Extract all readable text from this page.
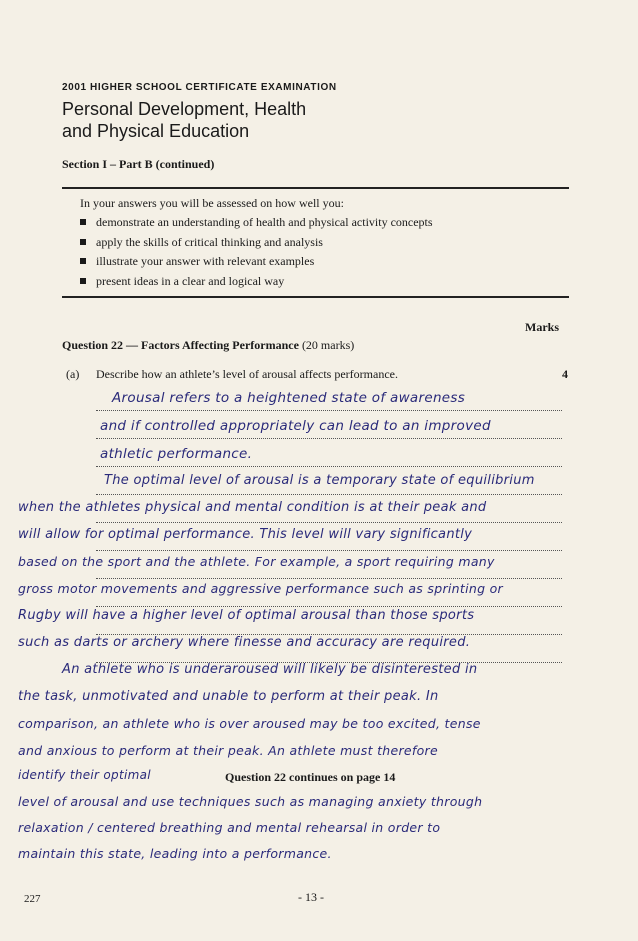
2001 HIGHER SCHOOL CERTIFICATE EXAMINATION
Personal Development, Health
and Physical Education
Section I – Part B (continued)
In your answers you will be assessed on how well you:
demonstrate an understanding of health and physical activity concepts
apply the skills of critical thinking and analysis
illustrate your answer with relevant examples
present ideas in a clear and logical way
Marks
Question 22 — Factors Affecting Performance (20 marks)
(a) Describe how an athlete’s level of arousal affects performance.	4
Arousal refers to a heightened state of awareness
and if controlled appropriately can lead to an improved
athletic performance.
The optimal level of arousal is a temporary state of equilibrium
when the athletes physical and mental condition is at their peak and
will allow for optimal performance. This level will vary significantly
based on the sport and the athlete. For example, a sport requiring many
gross motor movements and aggressive performance such as sprinting or
Rugby will have a higher level of optimal arousal than those sports
such as darts or archery where finesse and accuracy are required.
An athlete who is underaroused will likely be disinterested in
the task, unmotivated and unable to perform at their peak. In
comparison, an athlete who is over aroused may be too excited, tense
and anxious to perform at their peak. An athlete must therefore
identify their optimal
level of arousal and use techniques such as managing anxiety through
relaxation / centered breathing and mental rehearsal in order to
maintain this state, leading into a performance.
Question 22 continues on page 14
227	- 13 -
